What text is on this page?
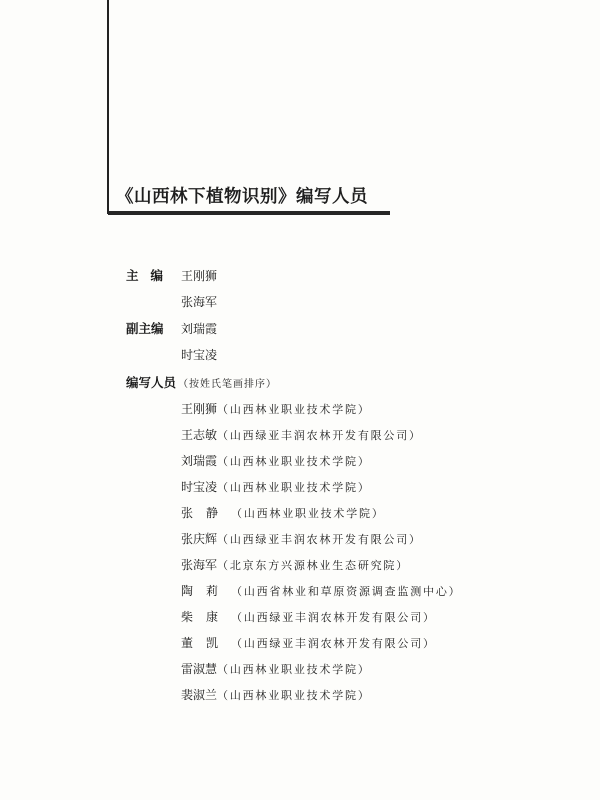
《山西林下植物识别》编写人员
主编 王刚狮
张海军
副主编 刘瑞霞
时宝凌
编写人员 （按姓氏笔画排序）
王刚狮（山西林业职业技术学院）
王志敏（山西绿亚丰润农林开发有限公司）
刘瑞霞（山西林业职业技术学院）
时宝凌（山西林业职业技术学院）
张静（山西林业职业技术学院）
张庆辉（山西绿亚丰润农林开发有限公司）
张海军（北京东方兴源林业生态研究院）
陶莉（山西省林业和草原资源调查监测中心）
柴康（山西绿亚丰润农林开发有限公司）
董凯（山西绿亚丰润农林开发有限公司）
雷淑慧（山西林业职业技术学院）
裴淑兰（山西林业职业技术学院）
